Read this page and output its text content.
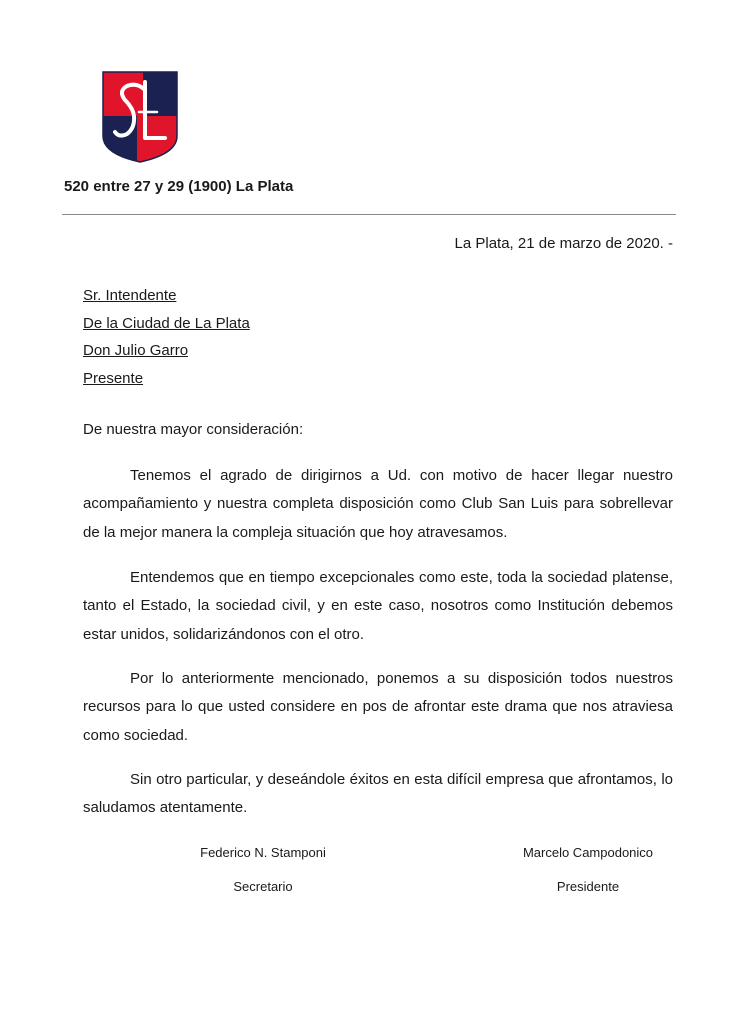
520 entre 27 y 29 (1900) La Plata
La Plata, 21 de marzo de 2020. -
Sr. Intendente
De la Ciudad de La Plata
Don Julio Garro
Presente
De nuestra mayor consideración:

Tenemos el agrado de dirigirnos a Ud. con motivo de hacer llegar nuestro acompañamiento y nuestra completa disposición como Club San Luis para sobrellevar de la mejor manera la compleja situación que hoy atravesamos.

Entendemos que en tiempo excepcionales como este, toda la sociedad platense, tanto el Estado, la sociedad civil, y en este caso, nosotros como Institución debemos estar unidos, solidarizándonos con el otro.

Por lo anteriormente mencionado, ponemos a su disposición todos nuestros recursos para lo que usted considere en pos de afrontar este drama que nos atraviesa como sociedad.

Sin otro particular, y deseándole éxitos en esta difícil empresa que afrontamos, lo saludamos atentamente.

Federico N. Stamponi
Secretario
Marcelo Campodonico
Presidente
